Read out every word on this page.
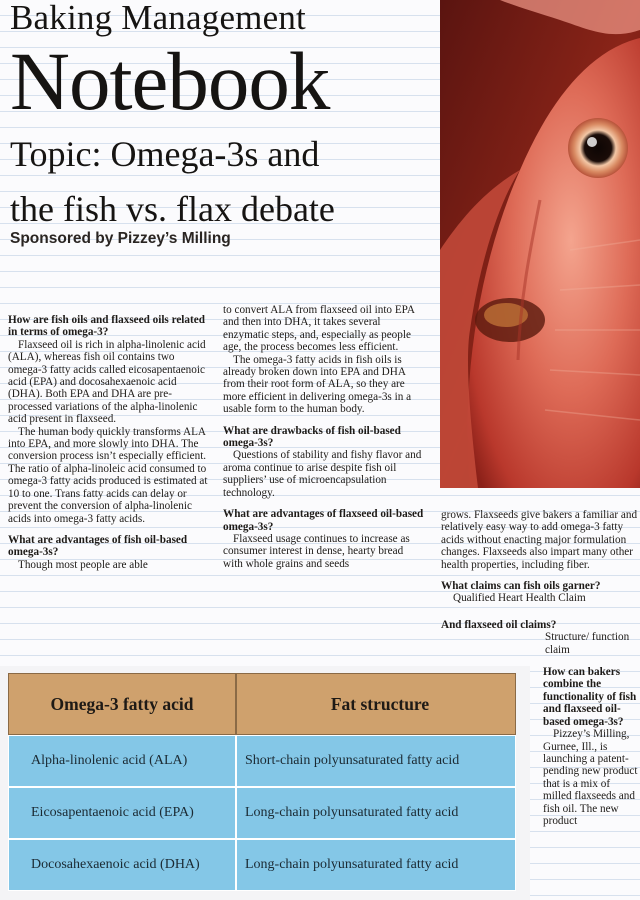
Baking Management
Notebook
Topic: Omega-3s and
the fish vs. flax debate
Sponsored by Pizzey’s Milling
How are fish oils and flaxseed oils related in terms of omega-3?

Flaxseed oil is rich in alpha-linolenic acid (ALA), whereas fish oil contains two omega-3 fatty acids called eicosapentaenoic acid (EPA) and docosahexaenoic acid (DHA). Both EPA and DHA are pre-processed variations of the alpha-linolenic acid present in flaxseed.

The human body quickly transforms ALA into EPA, and more slowly into DHA. The conversion process isn’t especially efficient. The ratio of alpha-linoleic acid consumed to omega-3 fatty acids produced is estimated at 10 to one. Trans fatty acids can delay or prevent the conversion of alpha-linolenic acids into omega-3 fatty acids.

What are advantages of fish oil-based omega-3s?

Though most people are able

to convert ALA from flaxseed oil into EPA and then into DHA, it takes several enzymatic steps, and, especially as people age, the process becomes less efficient.

The omega-3 fatty acids in fish oils is already broken down into EPA and DHA from their root form of ALA, so they are more efficient in delivering omega-3s in a usable form to the human body.

What are drawbacks of fish oil-based omega-3s?

Questions of stability and fishy flavor and aroma continue to arise despite fish oil suppliers’ use of microencapsulation technology.

What are advantages of flaxseed oil-based omega-3s?

Flaxseed usage continues to increase as consumer interest in dense, hearty bread with whole grains and seeds

grows. Flaxseeds give bakers a familiar and relatively easy way to add omega-3 fatty acids without enacting major formulation changes. Flaxseeds also impart many other health properties, including fiber.

What claims can fish oils garner?

Qualified Heart Health Claim

And flaxseed oil claims?

Structure/ function claim

How can bakers combine the functionality of fish and flaxseed oil-based omega-3s?

Pizzey’s Milling, Gurnee, Ill., is launching a patent-pending new product that is a mix of milled flaxseeds and fish oil. The new product

Omega-3 fatty acid	Fat structure
Alpha-linolenic acid (ALA)	Short-chain polyunsaturated fatty acid
Eicosapentaenoic acid (EPA)	Long-chain polyunsaturated fatty acid
Docosahexaenoic acid (DHA)	Long-chain polyunsaturated fatty acid
